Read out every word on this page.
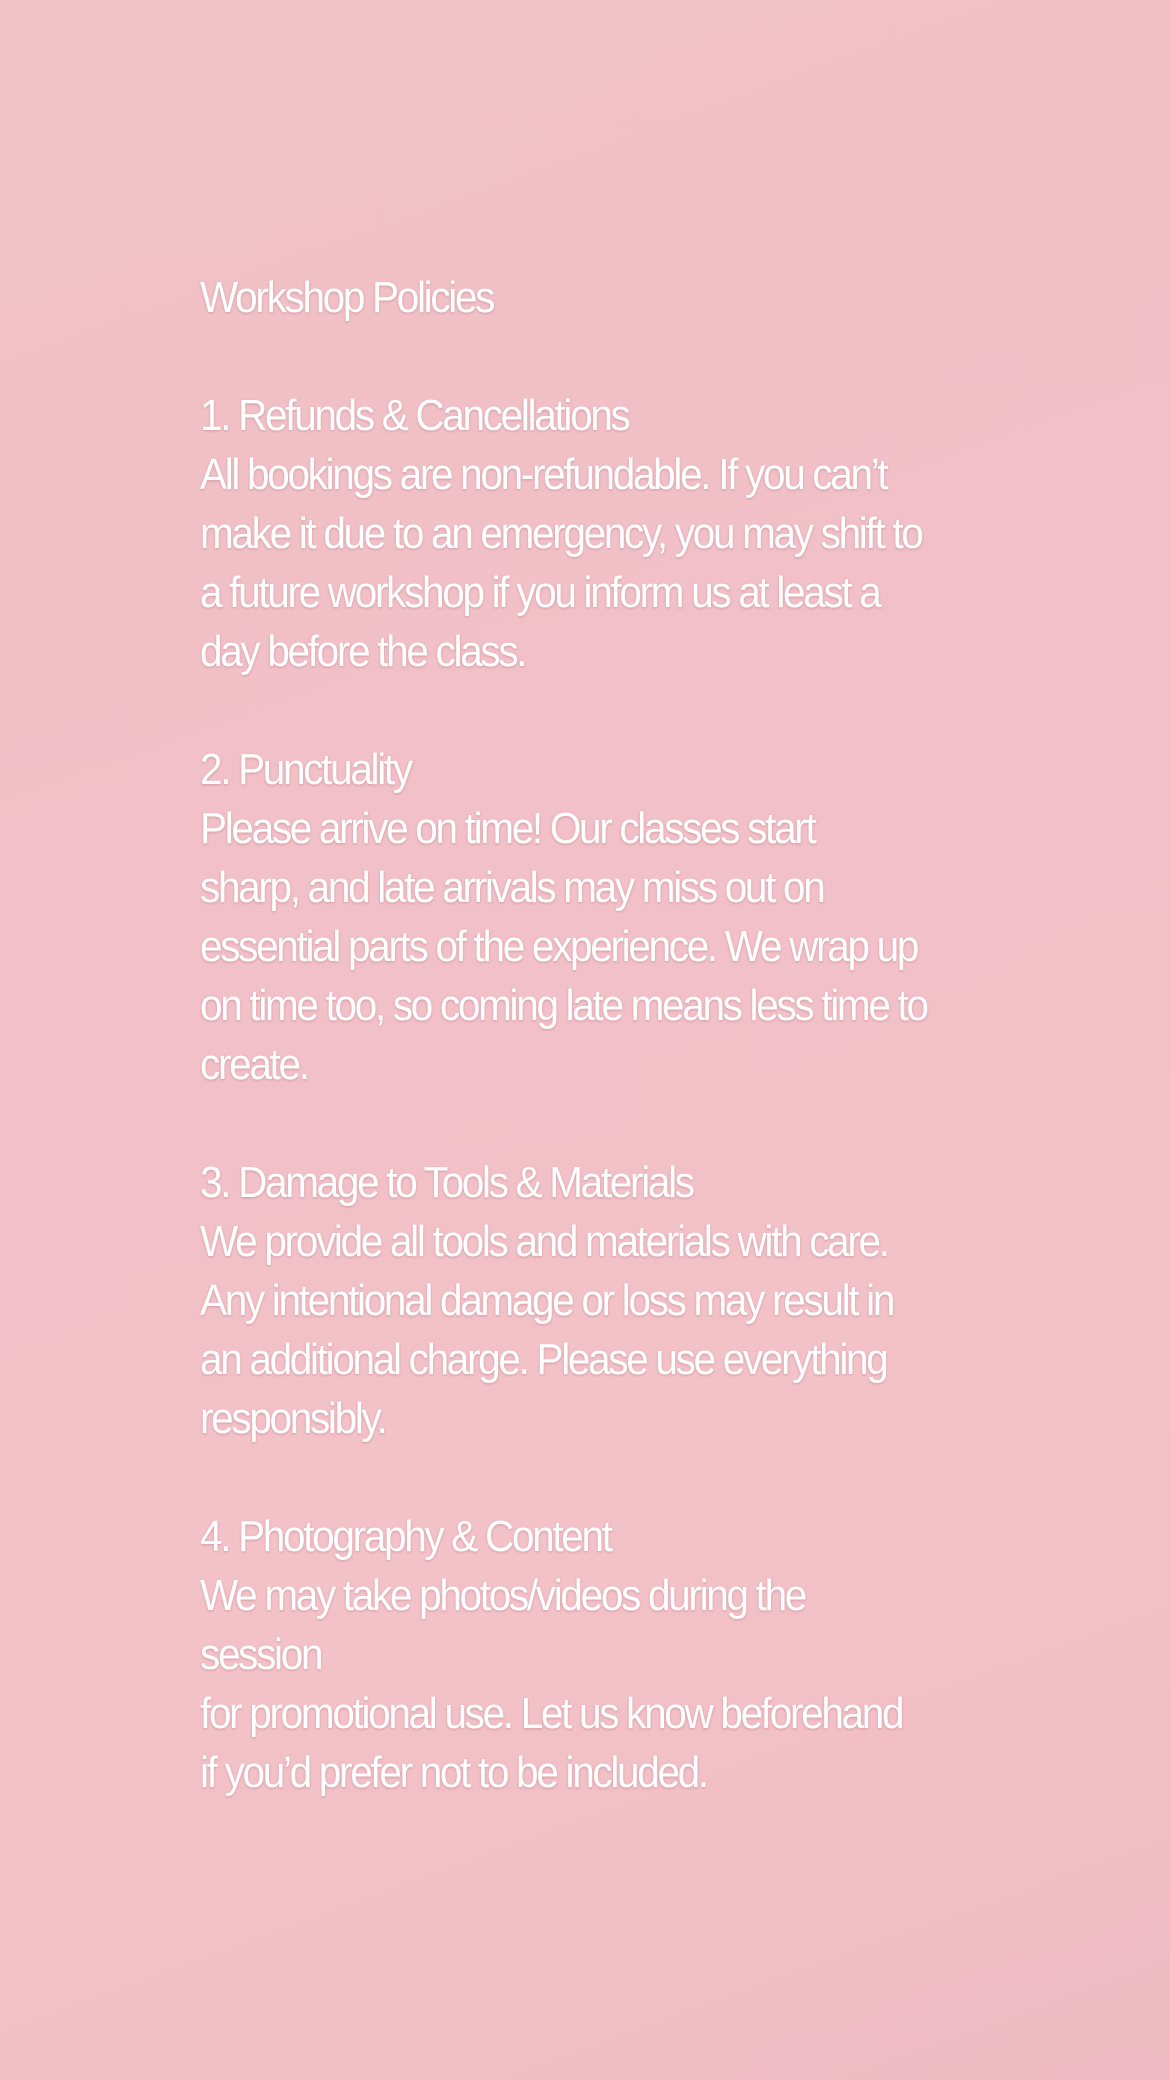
Workshop Policies
1. Refunds & Cancellations

All bookings are non-refundable. If you can’t
make it due to an emergency, you may shift to
a future workshop if you inform us at least a
day before the class.

2. Punctuality

Please arrive on time! Our classes start
sharp, and late arrivals may miss out on
essential parts of the experience. We wrap up
on time too, so coming late means less time to
create.

3. Damage to Tools & Materials

We provide all tools and materials with care.
Any intentional damage or loss may result in
an additional charge. Please use everything
responsibly.

4. Photography & Content

We may take photos/videos during the session
for promotional use. Let us know beforehand
if you’d prefer not to be included.
